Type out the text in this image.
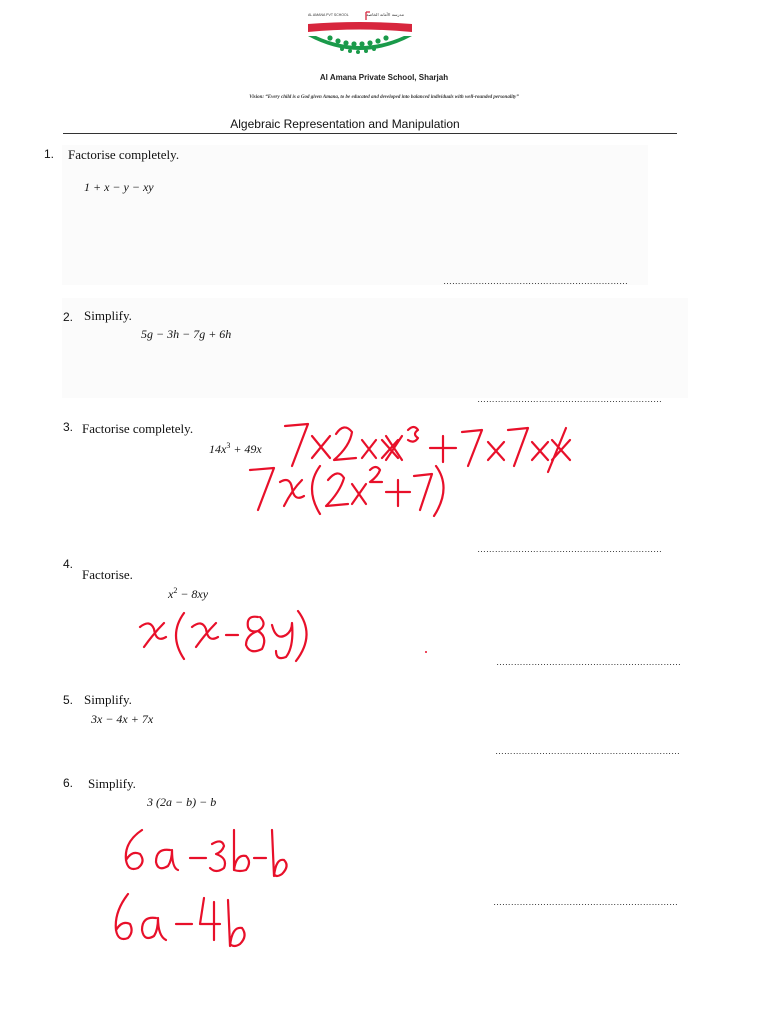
AL AMANA PVT SCHOOL	مدرسة الأمانة الخاصة
Al Amana Private School, Sharjah
Vision: “Every child is a God given Amana, to be educated and developed into balanced individuals with well-rounded personality”
Algebraic Representation and Manipulation
1. Factorise completely.
1 + x − y − xy
………………………………………………………
2. Simplify.
5g − 3h − 7g + 6h
………………………………………………………
3. Factorise completely.
$14x^3 + 49x$
………………………………………………………
4.
Factorise.
$x^2 - 8xy$
………………………………………………………
5. Simplify.
3x − 4x + 7x
………………………………………………………
6. Simplify.
3 (2a − b) − b
………………………………………………………
